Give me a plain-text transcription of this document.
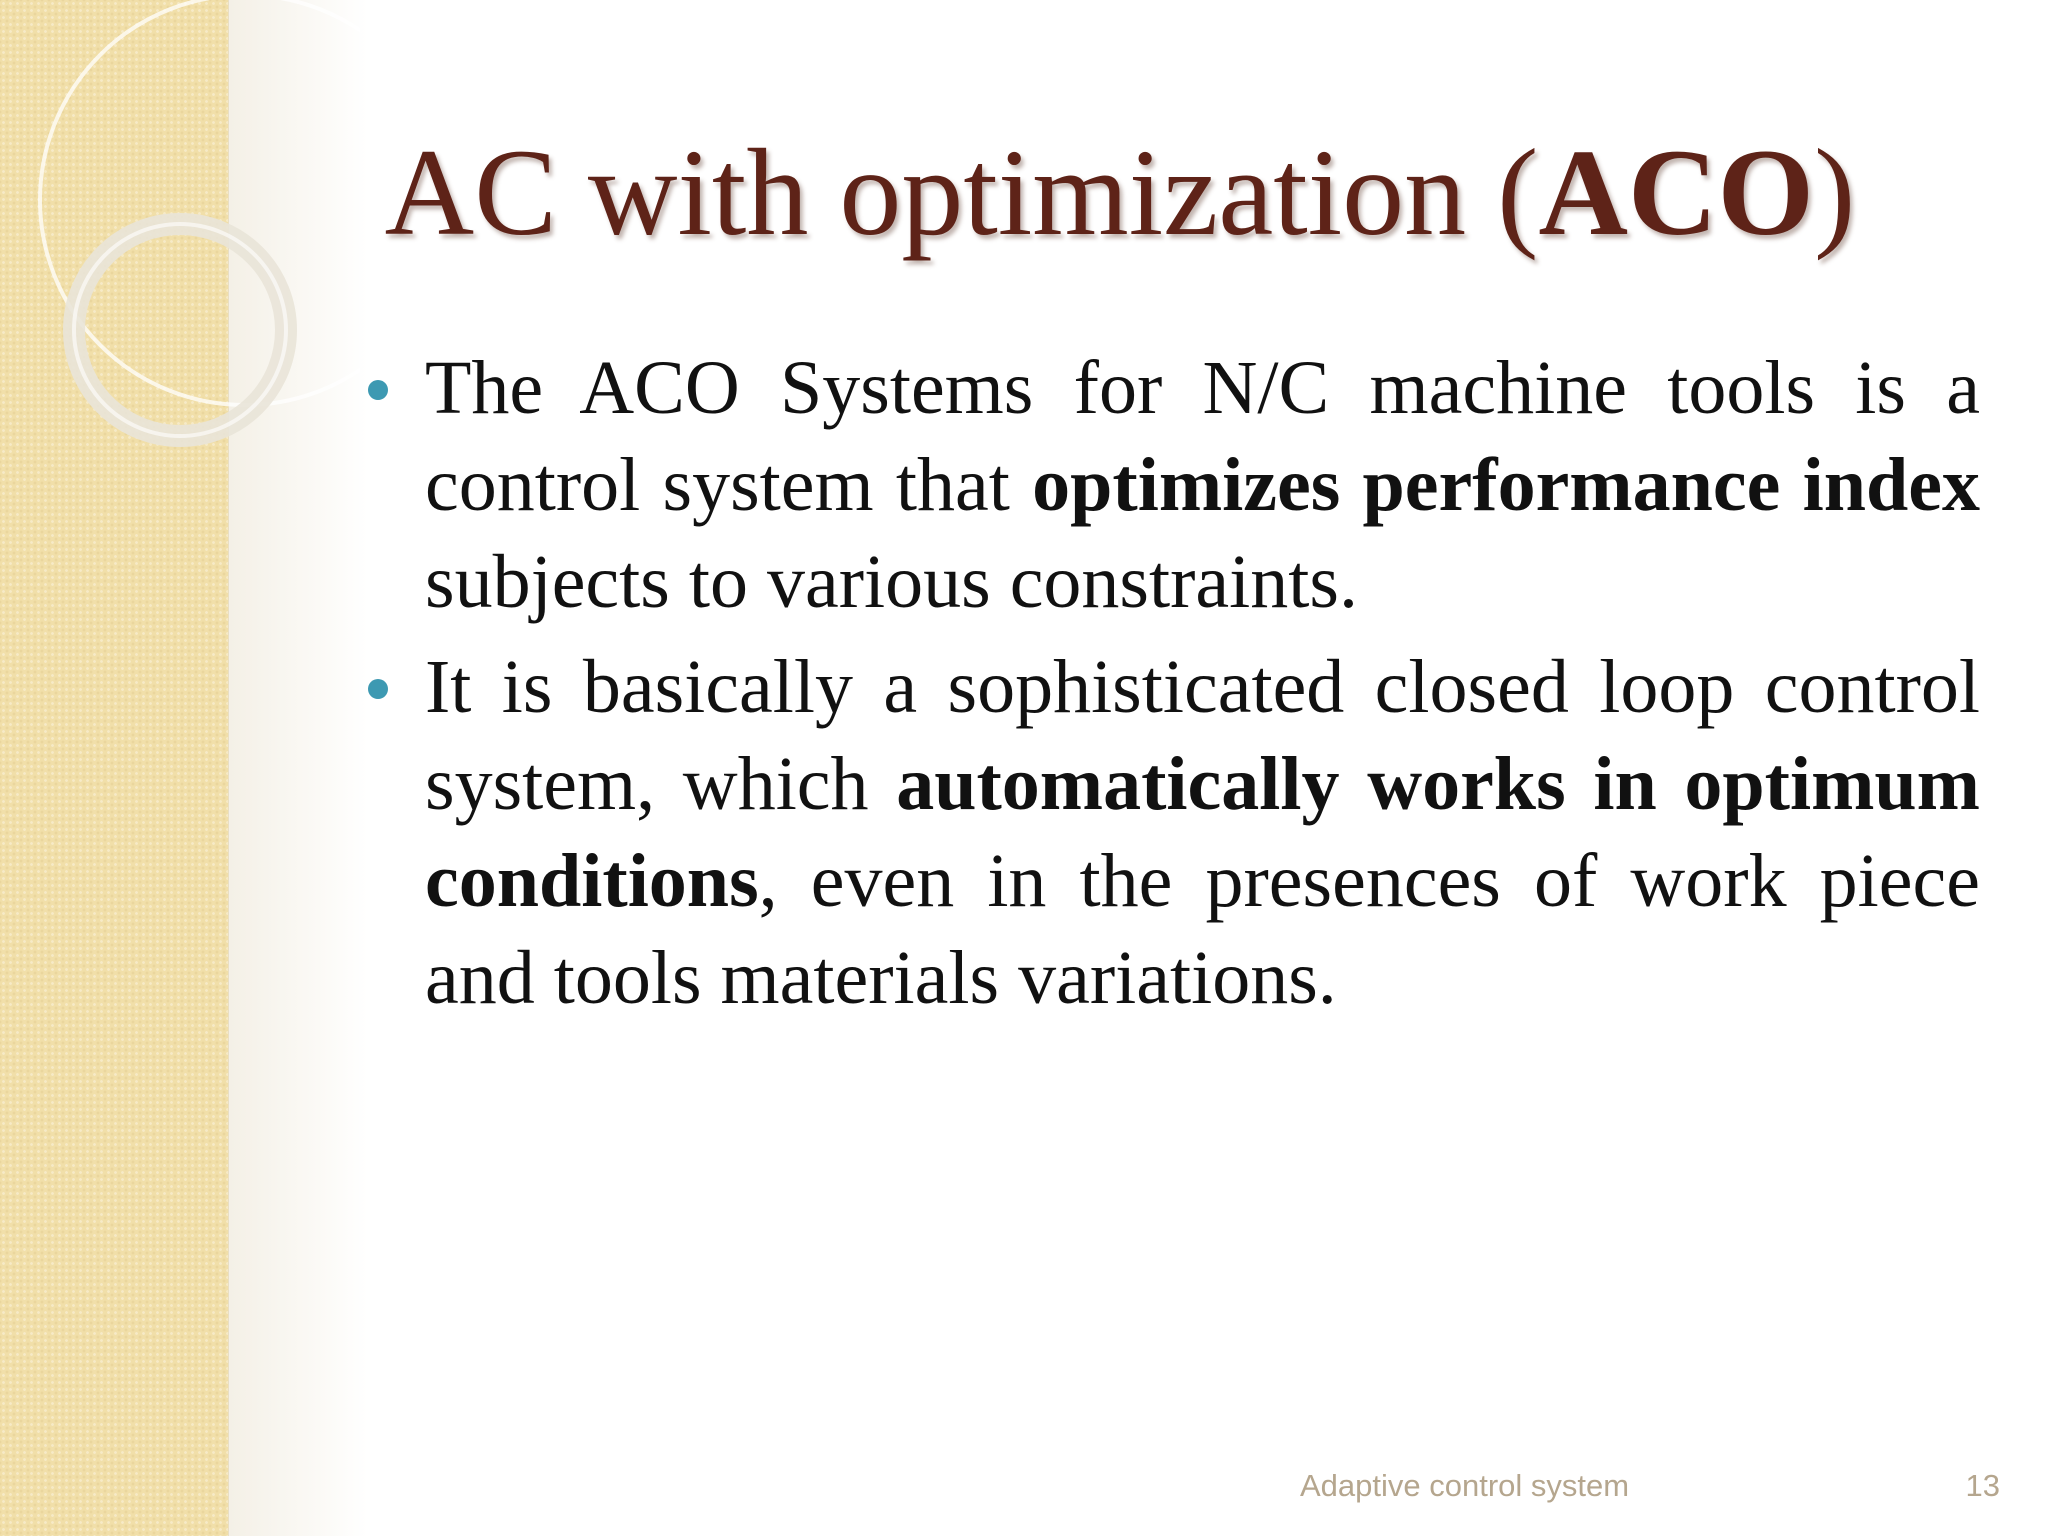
AC with optimization (ACO)
The ACO Systems for N/C machine tools is a control system that optimizes performance index subjects to various constraints.
It is basically a sophisticated closed loop control system, which automatically works in optimum conditions, even in the presences of work piece and tools materials variations.
Adaptive control system	13
